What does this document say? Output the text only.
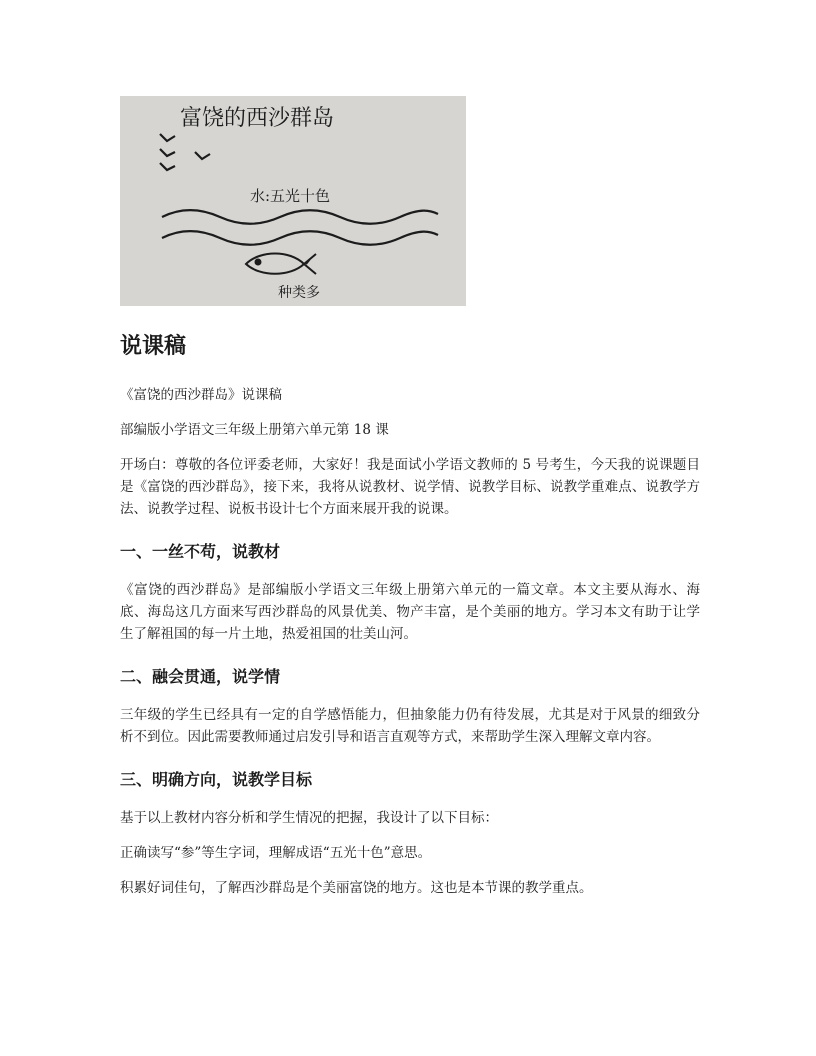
富饶的西沙群岛
水:五光十色
种类多
说课稿

《富饶的西沙群岛》说课稿

部编版小学语文三年级上册第六单元第 18 课

开场白：尊敬的各位评委老师，大家好！我是面试小学语文教师的 5 号考生，今天我的说课题目是《富饶的西沙群岛》，接下来，我将从说教材、说学情、说教学目标、说教学重难点、说教学方法、说教学过程、说板书设计七个方面来展开我的说课。

一、一丝不苟，说教材

《富饶的西沙群岛》是部编版小学语文三年级上册第六单元的一篇文章。本文主要从海水、海底、海岛这几方面来写西沙群岛的风景优美、物产丰富，是个美丽的地方。学习本文有助于让学生了解祖国的每一片土地，热爱祖国的壮美山河。

二、融会贯通，说学情

三年级的学生已经具有一定的自学感悟能力，但抽象能力仍有待发展，尤其是对于风景的细致分析不到位。因此需要教师通过启发引导和语言直观等方式，来帮助学生深入理解文章内容。

三、明确方向，说教学目标

基于以上教材内容分析和学生情况的把握，我设计了以下目标：

正确读写“参”等生字词，理解成语“五光十色”意思。

积累好词佳句，了解西沙群岛是个美丽富饶的地方。这也是本节课的教学重点。
